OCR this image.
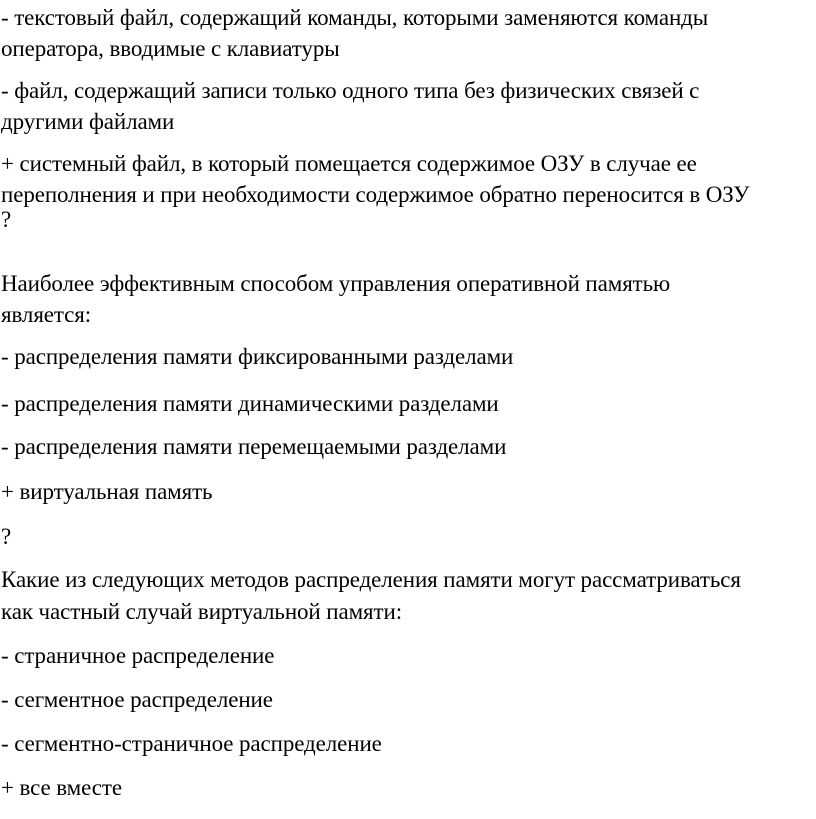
- текстовый файл, содержащий команды, которыми заменяются команды
оператора, вводимые с клавиатуры
- файл, содержащий записи только одного типа без физических связей с
другими файлами
+ системный файл, в который помещается содержимое ОЗУ в случае ее
переполнения и при необходимости содержимое обратно переносится в ОЗУ
?
Наиболее эффективным способом управления оперативной памятью
является:
- распределения памяти фиксированными разделами
- распределения памяти динамическими разделами
- распределения памяти перемещаемыми разделами
+ виртуальная память
?
Какие из следующих методов распределения памяти могут рассматриваться
как частный случай виртуальной памяти:
- страничное распределение
- сегментное распределение
- сегментно-страничное распределение
+ все вместе
